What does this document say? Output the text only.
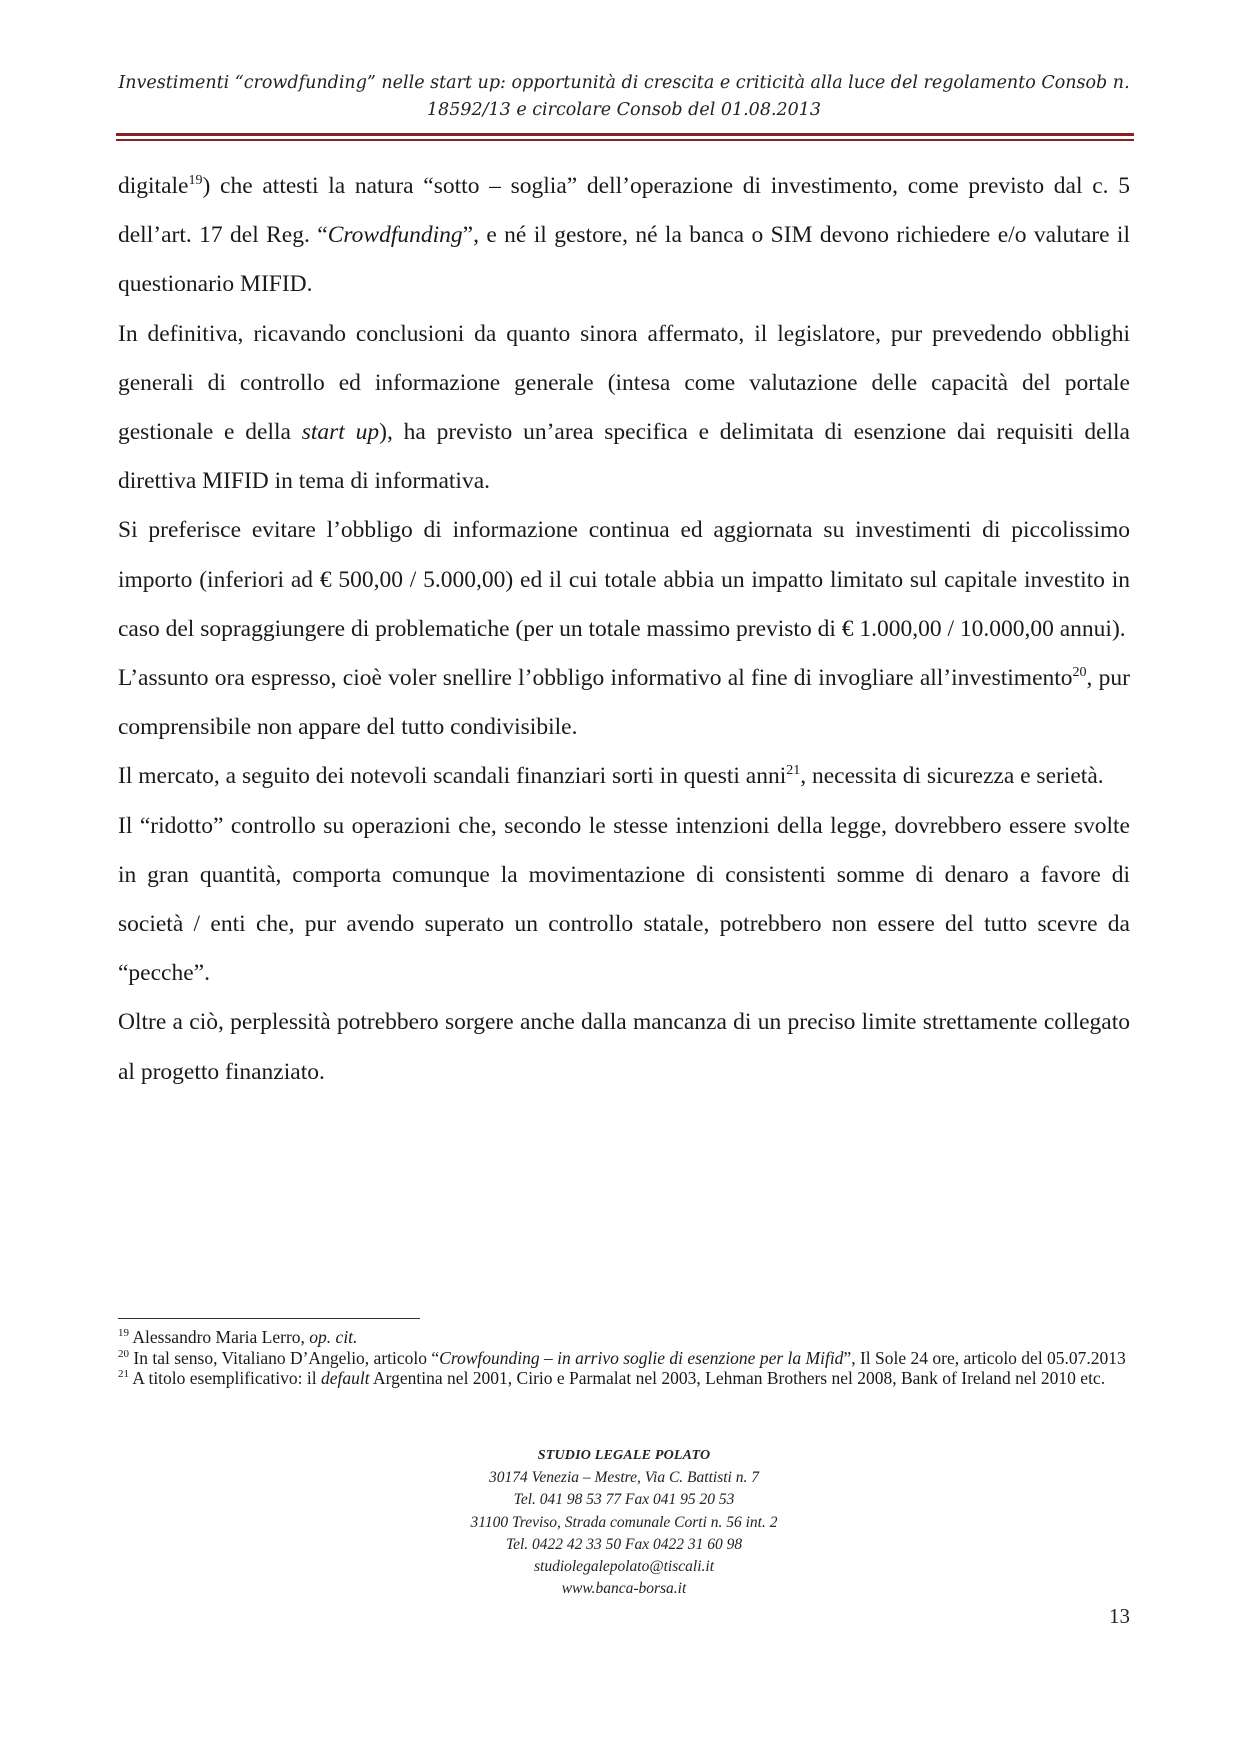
Investimenti “crowdfunding” nelle start up: opportunità di crescita e criticità alla luce del regolamento Consob n.
18592/13 e circolare Consob del 01.08.2013

digitale$^{19}$) che attesti la natura “sotto – soglia” dell’operazione di investimento, come previsto dal c. 5 dell’art. 17 del Reg. “Crowdfunding”, e né il gestore, né la banca o SIM devono richiedere e/o valutare il questionario MIFID.

In definitiva, ricavando conclusioni da quanto sinora affermato, il legislatore, pur prevedendo obblighi generali di controllo ed informazione generale (intesa come valutazione delle capacità del portale gestionale e della start up), ha previsto un’area specifica e delimitata di esenzione dai requisiti della direttiva MIFID in tema di informativa.

Si preferisce evitare l’obbligo di informazione continua ed aggiornata su investimenti di piccolissimo importo (inferiori ad € 500,00 / 5.000,00) ed il cui totale abbia un impatto limitato sul capitale investito in caso del sopraggiungere di problematiche (per un totale massimo previsto di € 1.000,00 / 10.000,00 annui).

L’assunto ora espresso, cioè voler snellire l’obbligo informativo al fine di invogliare all’investimento$^{20}$, pur comprensibile non appare del tutto condivisibile.

Il mercato, a seguito dei notevoli scandali finanziari sorti in questi anni$^{21}$, necessita di sicurezza e serietà.

Il “ridotto” controllo su operazioni che, secondo le stesse intenzioni della legge, dovrebbero essere svolte in gran quantità, comporta comunque la movimentazione di consistenti somme di denaro a favore di società / enti che, pur avendo superato un controllo statale, potrebbero non essere del tutto scevre da “pecche”.

Oltre a ciò, perplessità potrebbero sorgere anche dalla mancanza di un preciso limite strettamente collegato al progetto finanziato.

$^{19}$ Alessandro Maria Lerro, op. cit.

$^{20}$ In tal senso, Vitaliano D’Angelio, articolo “Crowfounding – in arrivo soglie di esenzione per la Mifid”, Il Sole 24 ore, articolo del 05.07.2013

$^{21}$ A titolo esemplificativo: il default Argentina nel 2001, Cirio e Parmalat nel 2003, Lehman Brothers nel 2008, Bank of Ireland nel 2010 etc.

STUDIO LEGALE POLATO
30174 Venezia – Mestre, Via C. Battisti n. 7
Tel. 041 98 53 77 Fax 041 95 20 53
31100 Treviso, Strada comunale Corti n. 56 int. 2
Tel. 0422 42 33 50 Fax 0422 31 60 98
studiolegalepolato@tiscali.it
www.banca-borsa.it
13
